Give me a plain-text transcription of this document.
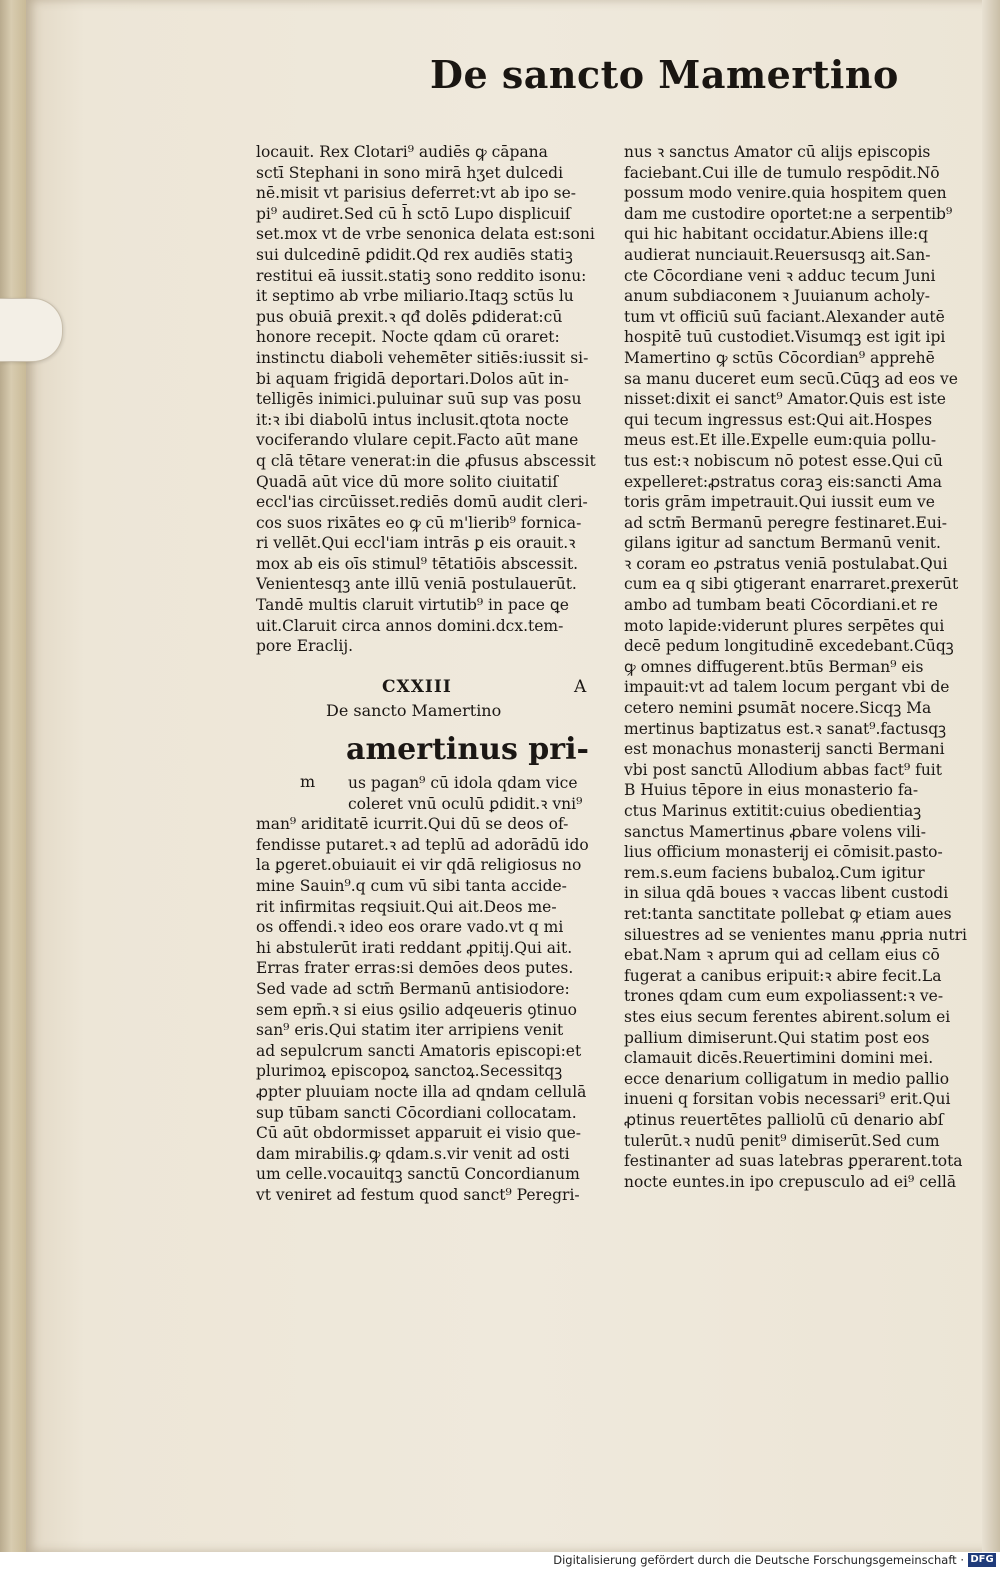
De sancto Mamertino
locauit. Rex Clotari⁹ audiēs ꝙ cāpana
sctī Stephani in sono mirā hʒet dulcedi
nē.misit vt parisius deferret:vt ab ipo se-
pi⁹ audiret.Sed cū h̄ sctō Lupo displicuiſ
set.mox vt de vrbe senonica delata est:soni
sui dulcedinē ꝑdidit.Qd rex audiēs statiꝫ
restitui eā iussit.statiꝫ sono reddito isonu:
it septimo ab vrbe miliario.Itaqꝫ sctūs lu
pus obuiā ꝑrexit.ꝛ qđ dolēs ꝑdiderat:cū
honore recepit. Nocte qdam cū oraret:
instinctu diaboli vehemēter sitiēs:iussit si-
bi aquam frigidā deportari.Dolos aūt in-
telligēs inimici.puluinar suū sup vas posu
it:ꝛ ibi diabolū intus inclusit.qtota nocte
vociferando vlulare cepit.Facto aūt mane
q clā tētare venerat:in die ꝓfusus abscessit
Quadā aūt vice dū more solito ciuitatiſ
eccl'ias circūisset.rediēs domū audit cleri-
cos suos rixātes eo ꝙ cū m'lierib⁹ fornica-
ri vellēt.Qui eccl'iam intrās ꝑ eis orauit.ꝛ
mox ab eis oīs stimul⁹ tētatiōis abscessit.
Venientesqꝫ ante illū veniā postulauerūt.
Tandē multis claruit virtutib⁹ in pace ꝗe
uit.Claruit circa annos domini.dcx.tem-
pore Eraclij.
CXXIII	A
De sancto Mamertino
amertinus pri-
m	us pagan⁹ cū idola qdam vice
coleret vnū oculū ꝑdidit.ꝛ vni⁹
man⁹ ariditatē icurrit.Qui dū se deos of-
fendisse putaret.ꝛ ad teplū ad adorādū ido
la ꝑgeret.obuiauit ei vir qdā religiosus no
mine Sauin⁹.q cum vū sibi tanta accide-
rit infirmitas reqsiuit.Qui ait.Deos me-
os offendi.ꝛ ideo eos orare vado.vt q mi
hi abstulerūt irati reddant ꝓpitij.Qui ait.
Erras frater erras:si demōes deos putes.
Sed vade ad sctm̄ Bermanū antisiodore:
sem epm̄.ꝛ si eius ꝯsilio adqeueris ꝯtinuo
san⁹ eris.Qui statim iter arripiens venit
ad sepulcrum sancti Amatoris episcopi:et
plurimoꝝ episcopoꝝ sanctoꝝ.Secessitqꝫ
ꝓpter pluuiam nocte illa ad qndam cellulā
sup tūbam sancti Cōcordiani collocatam.
Cū aūt obdormisset apparuit ei visio que-
dam mirabilis.ꝙ qdam.s.vir venit ad osti
um celle.vocauitqꝫ sanctū Concordianum
vt veniret ad festum quod sanct⁹ Peregri-
nus ꝛ sanctus Amator cū alijs episcopis
faciebant.Cui ille de tumulo respōdit.Nō
possum modo venire.quia hospitem quen
dam me custodire oportet:ne a serpentib⁹
qui hic habitant occidatur.Abiens ille:q
audierat nunciauit.Reuersusqꝫ ait.San-
cte Cōcordiane veni ꝛ adduc tecum Juni
anum subdiaconem ꝛ Juuianum acholy-
tum vt officiū suū faciant.Alexander autē
hospitē tuū custodiet.Visumqꝫ est igit ipi
Mamertino ꝙ sctūs Cōcordian⁹ apprehē
sa manu duceret eum secū.Cūqꝫ ad eos ve
nisset:dixit ei sanct⁹ Amator.Quis est iste
qui tecum ingressus est:Qui ait.Hospes
meus est.Et ille.Expelle eum:quia pollu-
tus est:ꝛ nobiscum nō potest esse.Qui cū
expelleret:ꝓstratus coraꝫ eis:sancti Ama
toris grām impetrauit.Qui iussit eum ve
ad sctm̄ Bermanū peregre festinaret.Eui-
gilans igitur ad sanctum Bermanū venit.
ꝛ coram eo ꝓstratus veniā postulabat.Qui
cum ea q sibi ꝯtigerant enarraret.ꝑrexerūt
ambo ad tumbam beati Cōcordiani.et re
moto lapide:viderunt plures serpētes qui
decē pedum longitudinē excedebant.Cūqꝫ
ꝙ omnes diffugerent.btūs Berman⁹ eis
impauit:vt ad talem locum pergant vbi de
cetero nemini ꝑsumāt nocere.Sicqꝫ Ma
mertinus baptizatus est.ꝛ sanat⁹.factusqꝫ
est monachus monasterij sancti Bermani
vbi post sanctū Allodium abbas fact⁹ fuit
B Huius tēpore in eius monasterio fa-
ctus Marinus extitit:cuius obedientiaꝫ
sanctus Mamertinus ꝓbare volens vili-
lius officium monasterij ei cōmisit.pasto-
rem.s.eum faciens bubaloꝝ.Cum igitur
in silua qdā boues ꝛ vaccas libent custodi
ret:tanta sanctitate pollebat ꝙ etiam aues
siluestres ad se venientes manu ꝓpria nutri
ebat.Nam ꝛ aprum qui ad cellam eius cō
fugerat a canibus eripuit:ꝛ abire fecit.La
trones qdam cum eum expoliassent:ꝛ ve-
stes eius secum ferentes abirent.solum ei
pallium dimiserunt.Qui statim post eos
clamauit dicēs.Reuertimini domini mei.
ecce denarium colligatum in medio pallio
inueni q forsitan vobis necessari⁹ erit.Qui
ꝓtinus reuertētes palliolū cū denario abſ
tulerūt.ꝛ nudū penit⁹ dimiserūt.Sed cum
festinanter ad suas latebras ꝑperarent.tota
nocte euntes.in ipo crepusculo ad ei⁹ cellā
Digitalisierung gefördert durch die Deutsche Forschungsgemeinschaft · DFG
